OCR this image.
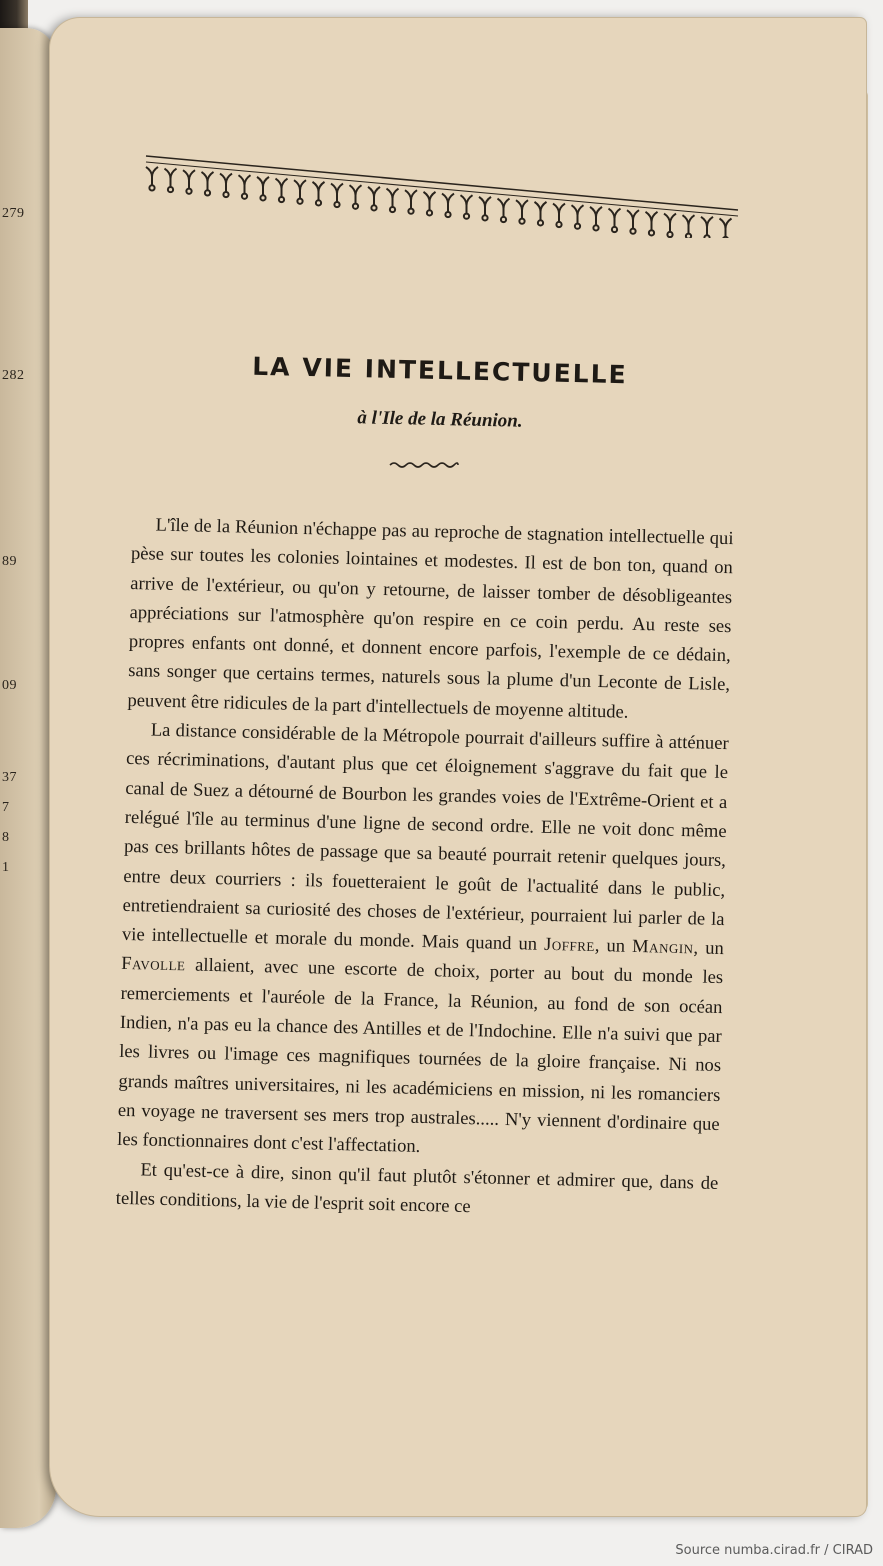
279
282
89
09
37
7
8
1
LA VIE INTELLECTUELLE
à l'Ile de la Réunion.

L'île de la Réunion n'échappe pas au reproche de stagnation intellectuelle qui pèse sur toutes les colonies lointaines et modestes. Il est de bon ton, quand on arrive de l'extérieur, ou qu'on y retourne, de laisser tomber de désobligeantes appréciations sur l'atmosphère qu'on respire en ce coin perdu. Au reste ses propres enfants ont donné, et donnent encore parfois, l'exemple de ce dédain, sans songer que certains termes, naturels sous la plume d'un Leconte de Lisle, peuvent être ridicules de la part d'intellectuels de moyenne altitude.

La distance considérable de la Métropole pourrait d'ailleurs suffire à atténuer ces récriminations, d'autant plus que cet éloignement s'aggrave du fait que le canal de Suez a détourné de Bourbon les grandes voies de l'Extrême-Orient et a relégué l'île au terminus d'une ligne de second ordre. Elle ne voit donc même pas ces brillants hôtes de passage que sa beauté pourrait retenir quelques jours, entre deux courriers : ils fouetteraient le goût de l'actualité dans le public, entretiendraient sa curiosité des choses de l'extérieur, pourraient lui parler de la vie intellectuelle et morale du monde. Mais quand un Joffre, un Mangin, un Favolle allaient, avec une escorte de choix, porter au bout du monde les remerciements et l'auréole de la France, la Réunion, au fond de son océan Indien, n'a pas eu la chance des Antilles et de l'Indochine. Elle n'a suivi que par les livres ou l'image ces magnifiques tournées de la gloire française. Ni nos grands maîtres universitaires, ni les académiciens en mission, ni les romanciers en voyage ne traversent ses mers trop australes..... N'y viennent d'ordinaire que les fonctionnaires dont c'est l'affectation.

Et qu'est-ce à dire, sinon qu'il faut plutôt s'étonner et admirer que, dans de telles conditions, la vie de l'esprit soit encore ce

Source numba.cirad.fr / CIRAD
